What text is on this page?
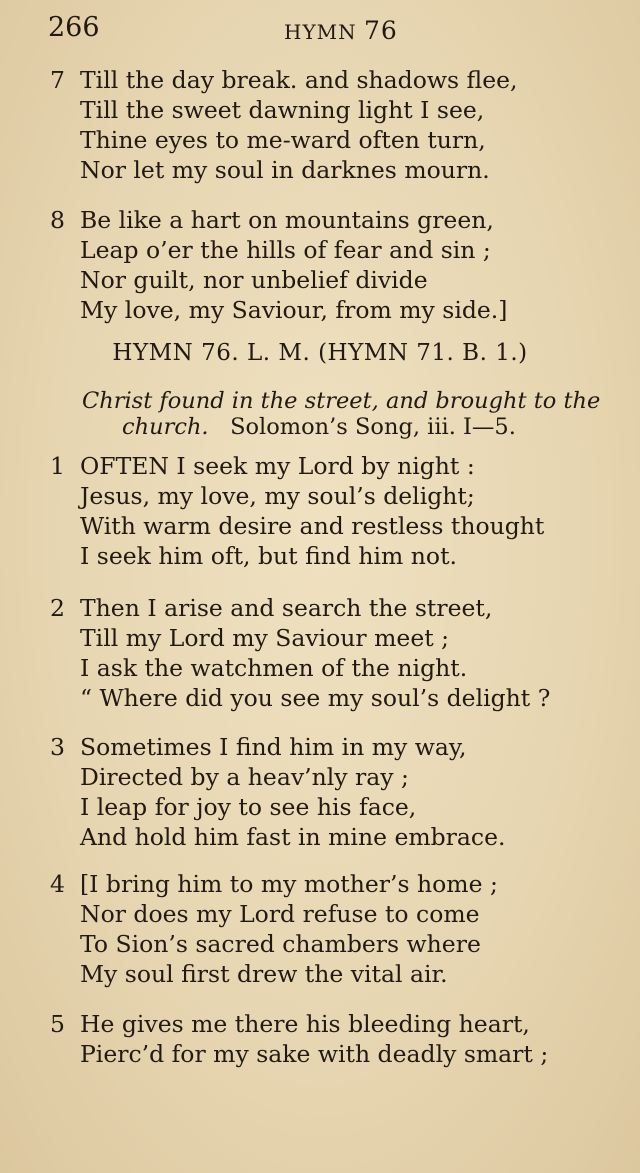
266	HYMN 76
7 Till the day break. and shadows flee,
Till the sweet dawning light I see,
Thine eyes to me-ward often turn,
Nor let my soul in darknes mourn.
8 Be like a hart on mountains green,
Leap o’er the hills of fear and sin ;
Nor guilt, nor unbelief divide
My love, my Saviour, from my side.]
HYMN 76. L. M. (HYMN 71. B. 1.)
Christ found in the street, and brought to the
church. Solomon’s Song, iii. I—5.
1 OFTEN I seek my Lord by night :
Jesus, my love, my soul’s delight;
With warm desire and restless thought
I seek him oft, but find him not.
2 Then I arise and search the street,
Till my Lord my Saviour meet ;
I ask the watchmen of the night.
“ Where did you see my soul’s delight ?
3 Sometimes I find him in my way,
Directed by a heav’nly ray ;
I leap for joy to see his face,
And hold him fast in mine embrace.
4 [I bring him to my mother’s home ;
Nor does my Lord refuse to come
To Sion’s sacred chambers where
My soul first drew the vital air.
5 He gives me there his bleeding heart,
Pierc’d for my sake with deadly smart ;
